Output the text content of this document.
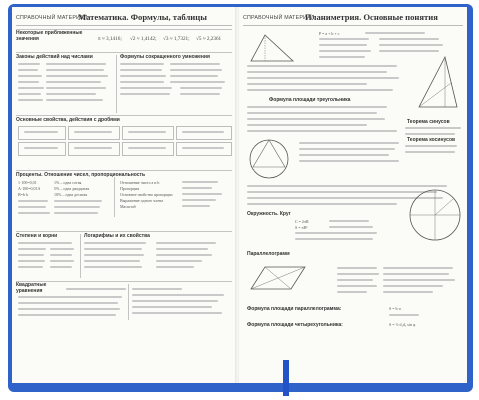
СПРАВОЧНЫЙ МАТЕРИАЛ
Математика. Формулы, таблицы
Некоторые приближенные значения	π ≈ 3,1416; √2 ≈ 1,4142; √3 ≈ 1,7321; √5 ≈ 2,2361
Законы действий над числами	Формулы сокращенного умножения
Основные свойства, действия с дробями
Проценты. Отношение чисел, пропорциональность
1·100=0,01	1% – одна сотая
A·100=0,01A	5% – одна двадцатая
B=b·k	10% – одна десятая
Отношение чисел а и b
Пропорция
Основное свойство пропорции
Выражение одного члена
Масштаб
Степени и корни	Логарифмы и их свойства
Квадратные уравнения
СПРАВОЧНЫЙ МАТЕРИАЛ
Планиметрия. Основные понятия
P = a + b + c
Формула площади треугольника
Теорема синусов
Теорема косинусов
Окружность. Круг
C = 2πR
S = πR²
Параллелограмм
Формула площади параллелограмма:	S = h·a
Формула площади четырехугольника:	S = ½ d₁d₂ sin φ
